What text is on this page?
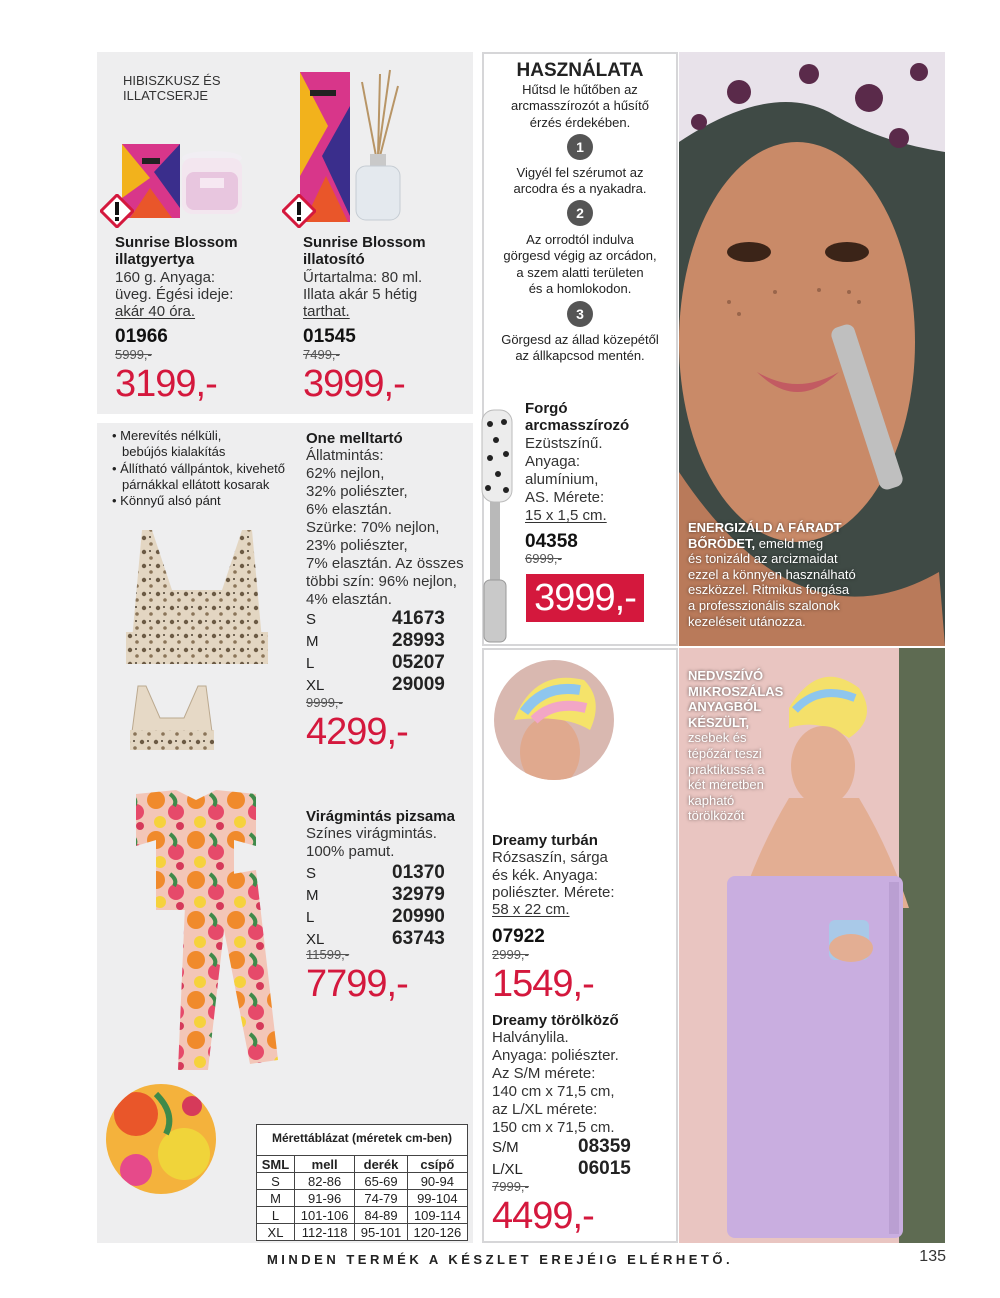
HIBISZKUSZ ÉS
ILLATCSERJE
Sunrise Blossom
illatgyertya
160 g. Anyaga:
üveg. Égési ideje:
akár 40 óra.
01966
5999,-
3199,-
Sunrise Blossom
illatosító
Űrtartalma: 80 ml.
Illata akár 5 hétig
tarthat.
01545
7499,-
3999,-
• Merevítés nélküli,
bebújós kialakítás
• Állítható vállpántok, kivehető
párnákkal ellátott kosarak
• Könnyű alsó pánt
One melltartó
Állatmintás:
62% nejlon,
32% poliészter,
6% elasztán.
Szürke: 70% nejlon,
23% poliészter,
7% elasztán. Az összes
többi szín: 96% nejlon,
4% elasztán.
S	41673
M	28993
L	05207
XL	29009
9999,-
4299,-
Virágmintás pizsama
Színes virágmintás.
100% pamut.
S	01370
M	32979
L	20990
XL	63743
11599,-
7799,-
Mérettáblázat (méretek cm-ben)
SML	mell	derék	csípő
S	82-86	65-69	90-94
M	91-96	74-79	99-104
L	101-106	84-89	109-114
XL	112-118	95-101	120-126
HASZNÁLATA
Hűtsd le hűtőben az
arcmasszírozót a hűsítő
érzés érdekében.
1
Vigyél fel szérumot az
arcodra és a nyakadra.
2
Az orrodtól indulva
görgesd végig az orcádon,
a szem alatti területen
és a homlokodon.
3
Görgesd az állad közepétől
az állkapcsod mentén.
Forgó
arcmasszírozó
Ezüstszínű.
Anyaga:
alumínium,
AS. Mérete:
15 x 1,5 cm.
04358
6999,-
3999,-
ENERGIZÁLD A FÁRADT
BŐRÖDET, emeld meg
és tonizáld az arcizmaidat
ezzel a könnyen használható
eszközzel. Ritmikus forgása
a professzionális szalonok
kezeléseit utánozza.
Dreamy turbán
Rózsaszín, sárga
és kék. Anyaga:
poliészter. Mérete:
58 x 22 cm.
07922
2999,-
1549,-
Dreamy törölköző
Halványlila.
Anyaga: poliészter.
Az S/M mérete:
140 cm x 71,5 cm,
az L/XL mérete:
150 cm x 71,5 cm.
S/M	08359
L/XL	06015
7999,-
4499,-
NEDVSZÍVÓ
MIKROSZÁLAS
ANYAGBÓL
KÉSZÜLT,
zsebek és
tépőzár teszi
praktikussá a
két méretben
kapható
törölközőt
MINDEN TERMÉK A KÉSZLET EREJÉIG ELÉRHETŐ.	135
